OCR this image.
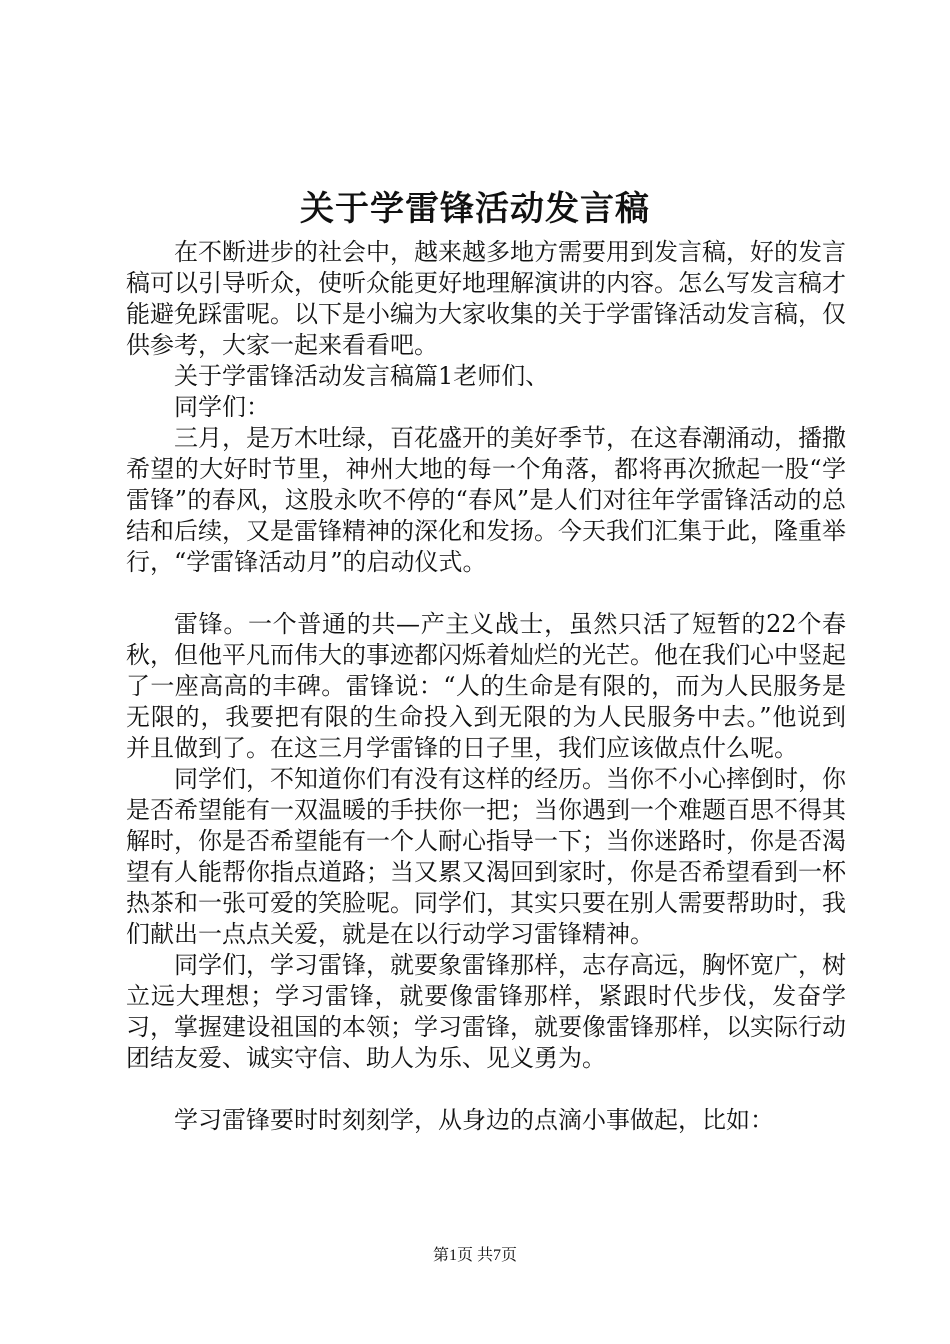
关于学雷锋活动发言稿

在不断进步的社会中，越来越多地方需要用到发言稿，好的发言稿可以引导听众，使听众能更好地理解演讲的内容。怎么写发言稿才能避免踩雷呢。以下是小编为大家收集的关于学雷锋活动发言稿，仅供参考，大家一起来看看吧。

关于学雷锋活动发言稿篇1老师们、

同学们：

三月，是万木吐绿，百花盛开的美好季节，在这春潮涌动，播撒希望的大好时节里，神州大地的每一个角落，都将再次掀起一股“学雷锋”的春风，这股永吹不停的“春风”是人们对往年学雷锋活动的总结和后续，又是雷锋精神的深化和发扬。今天我们汇集于此，隆重举行，“学雷锋活动月”的启动仪式。

雷锋。一个普通的共—产主义战士，虽然只活了短暂的22个春秋，但他平凡而伟大的事迹都闪烁着灿烂的光芒。他在我们心中竖起了一座高高的丰碑。雷锋说：“人的生命是有限的，而为人民服务是无限的，我要把有限的生命投入到无限的为人民服务中去。”他说到并且做到了。在这三月学雷锋的日子里，我们应该做点什么呢。

同学们，不知道你们有没有这样的经历。当你不小心摔倒时，你是否希望能有一双温暖的手扶你一把；当你遇到一个难题百思不得其解时，你是否希望能有一个人耐心指导一下；当你迷路时，你是否渴望有人能帮你指点道路；当又累又渴回到家时，你是否希望看到一杯热茶和一张可爱的笑脸呢。同学们，其实只要在别人需要帮助时，我们献出一点点关爱，就是在以行动学习雷锋精神。

同学们，学习雷锋，就要象雷锋那样，志存高远，胸怀宽广，树立远大理想；学习雷锋，就要像雷锋那样，紧跟时代步伐，发奋学习，掌握建设祖国的本领；学习雷锋，就要像雷锋那样，以实际行动团结友爱、诚实守信、助人为乐、见义勇为。

学习雷锋要时时刻刻学，从身边的点滴小事做起，比如：

第1页 共7页
